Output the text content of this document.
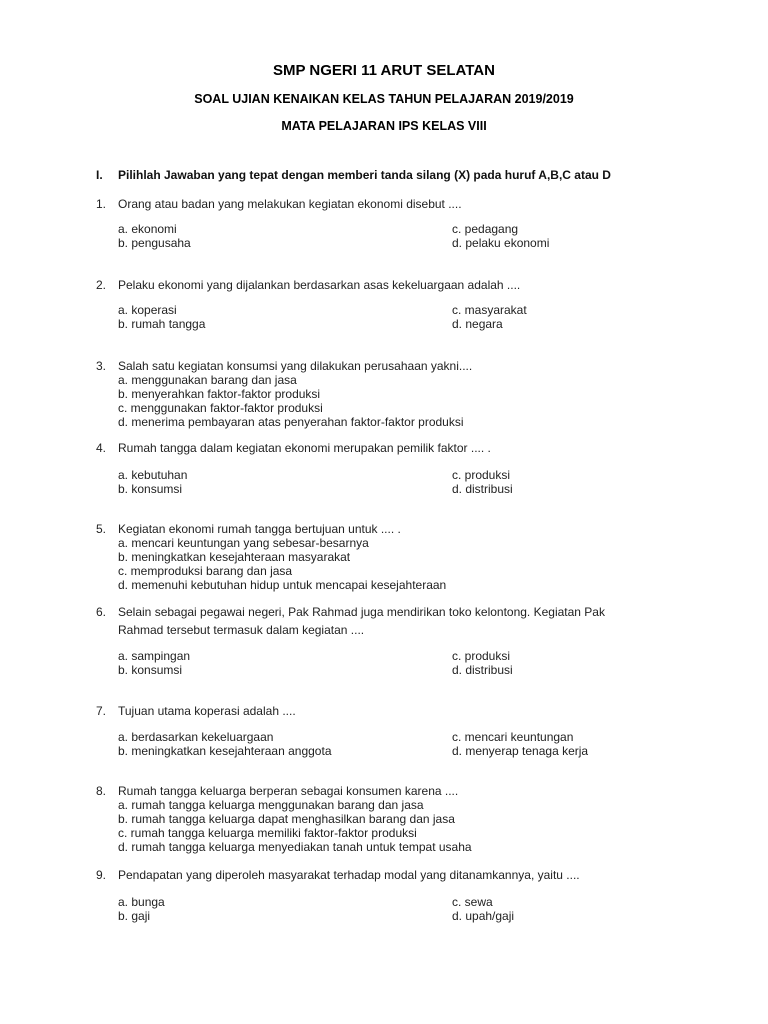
SMP NGERI 11 ARUT SELATAN
SOAL UJIAN KENAIKAN KELAS TAHUN PELAJARAN 2019/2019
MATA PELAJARAN IPS KELAS VIII
I. Pilihlah Jawaban yang tepat dengan memberi tanda silang (X) pada huruf A,B,C atau D
1. Orang atau badan yang melakukan kegiatan ekonomi disebut ....
a. ekonomi	c. pedagang
b. pengusaha	d. pelaku ekonomi
2. Pelaku ekonomi yang dijalankan berdasarkan asas kekeluargaan adalah ....
a. koperasi	c. masyarakat
b. rumah tangga	d. negara
3. Salah satu kegiatan konsumsi yang dilakukan perusahaan yakni....
a. menggunakan barang dan jasa
b. menyerahkan faktor-faktor produksi
c. menggunakan faktor-faktor produksi
d. menerima pembayaran atas penyerahan faktor-faktor produksi
4. Rumah tangga dalam kegiatan ekonomi merupakan pemilik faktor .... .
a. kebutuhan	c. produksi
b. konsumsi	d. distribusi
5. Kegiatan ekonomi rumah tangga bertujuan untuk .... .
a. mencari keuntungan yang sebesar-besarnya
b. meningkatkan kesejahteraan masyarakat
c. memproduksi barang dan jasa
d. memenuhi kebutuhan hidup untuk mencapai kesejahteraan
6. Selain sebagai pegawai negeri, Pak Rahmad juga mendirikan toko kelontong. Kegiatan Pak
Rahmad tersebut termasuk dalam kegiatan ....
a. sampingan	c. produksi
b. konsumsi	d. distribusi
7. Tujuan utama koperasi adalah ....
a. berdasarkan kekeluargaan	c. mencari keuntungan
b. meningkatkan kesejahteraan anggota	d. menyerap tenaga kerja
8. Rumah tangga keluarga berperan sebagai konsumen karena ....
a. rumah tangga keluarga menggunakan barang dan jasa
b. rumah tangga keluarga dapat menghasilkan barang dan jasa
c. rumah tangga keluarga memiliki faktor-faktor produksi
d. rumah tangga keluarga menyediakan tanah untuk tempat usaha
9. Pendapatan yang diperoleh masyarakat terhadap modal yang ditanamkannya, yaitu ....
a. bunga	c. sewa
b. gaji	d. upah/gaji
